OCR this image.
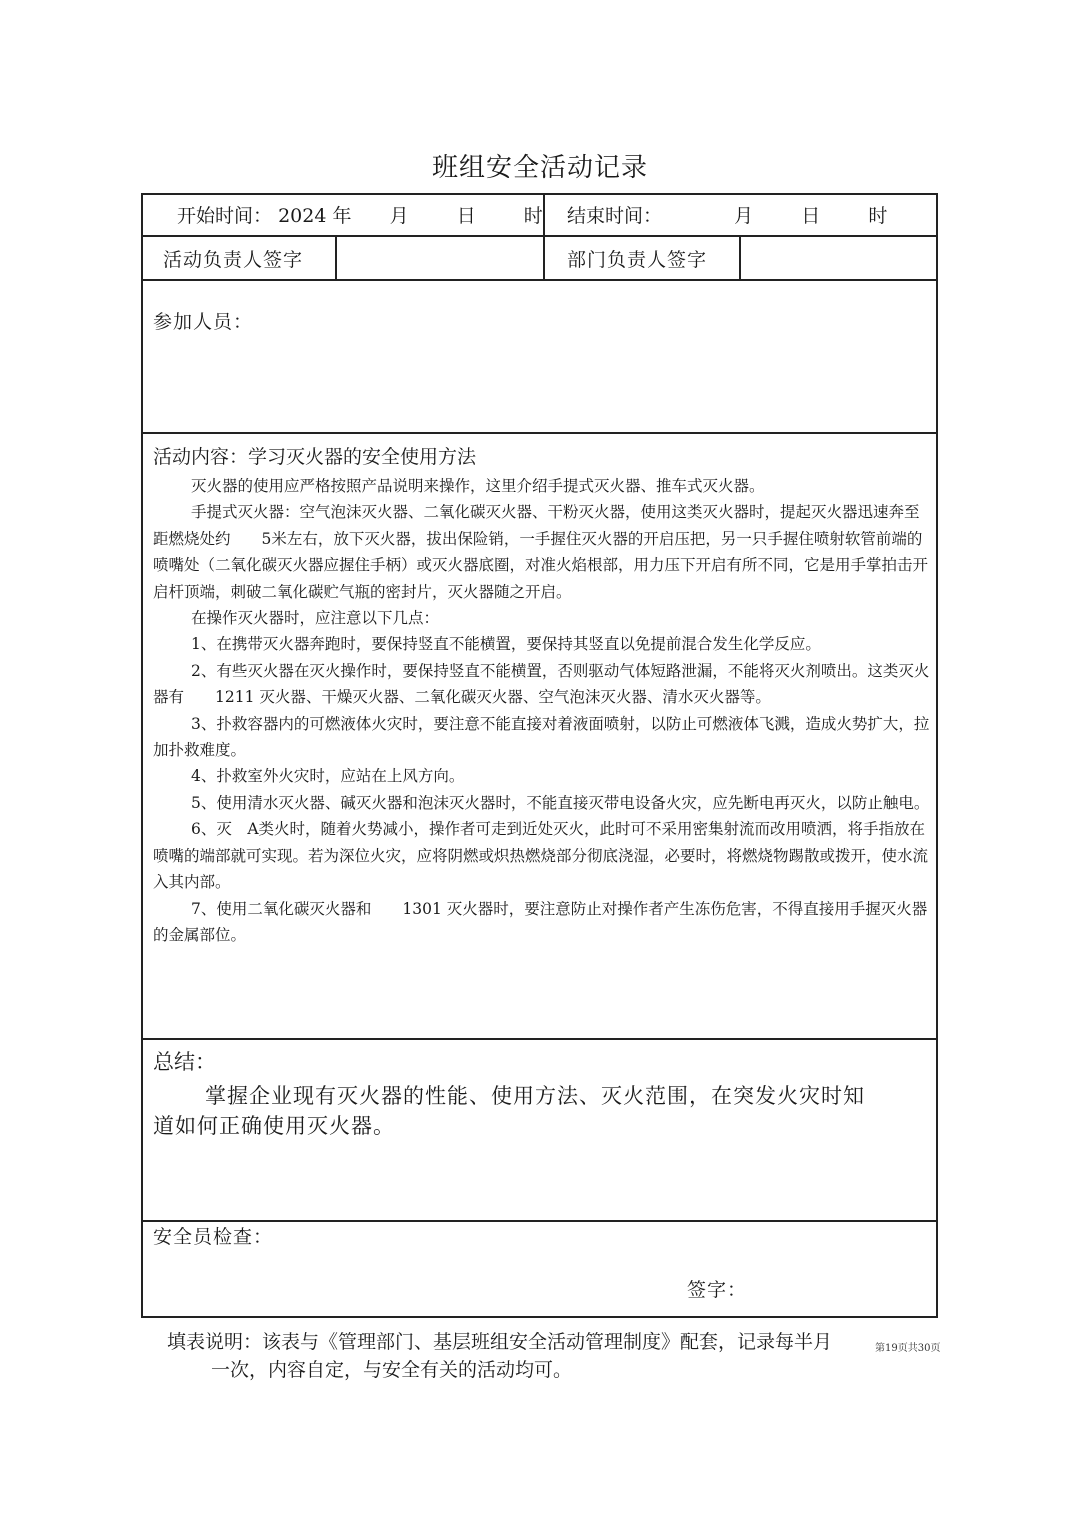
班组安全活动记录
开始时间： 2024 年 月	日	时 结束时间：	月	日	时
活动负责人签字	部门负责人签字
参加人员：

活动内容：学习灭火器的安全使用方法

灭火器的使用应严格按照产品说明来操作，这里介绍手提式灭火器、推车式灭火器。

手提式灭火器：空气泡沫灭火器、二氧化碳灭火器、干粉灭火器，使用这类灭火器时，提起灭火器迅速奔至距燃烧处约　　5米左右，放下灭火器，拔出保险销，一手握住灭火器的开启压把，另一只手握住喷射软管前端的喷嘴处（二氧化碳灭火器应握住手柄）或灭火器底圈，对准火焰根部，用力压下开启有所不同，它是用手掌拍击开启杆顶端，刺破二氧化碳贮气瓶的密封片，灭火器随之开启。

在操作灭火器时，应注意以下几点：

1、在携带灭火器奔跑时，要保持竖直不能横置，要保持其竖直以免提前混合发生化学反应。

2、有些灭火器在灭火操作时，要保持竖直不能横置，否则驱动气体短路泄漏，不能将灭火剂喷出。这类灭火器有　　1211 灭火器、干燥灭火器、二氧化碳灭火器、空气泡沫灭火器、清水灭火器等。

3、扑救容器内的可燃液体火灾时，要注意不能直接对着液面喷射，以防止可燃液体飞溅，造成火势扩大，拉加扑救难度。

4、扑救室外火灾时，应站在上风方向。

5、使用清水灭火器、碱灭火器和泡沫灭火器时，不能直接灭带电设备火灾，应先断电再灭火，以防止触电。

6、灭　A类火时，随着火势减小，操作者可走到近处灭火，此时可不采用密集射流而改用喷洒，将手指放在喷嘴的端部就可实现。若为深位火灾，应将阴燃或炽热燃烧部分彻底浇湿，必要时，将燃烧物踢散或拨开，使水流入其内部。

7、使用二氧化碳灭火器和　　1301 灭火器时，要注意防止对操作者产生冻伤危害，不得直接用手握灭火器的金属部位。

总结：
掌握企业现有灭火器的性能、使用方法、灭火范围，在突发火灾时知道如何正确使用灭火器。
安全员检查：
签字：
填表说明：该表与《管理部门、基层班组安全活动管理制度》配套，记录每半月
一次，内容自定，与安全有关的活动均可。
第19页共30页
